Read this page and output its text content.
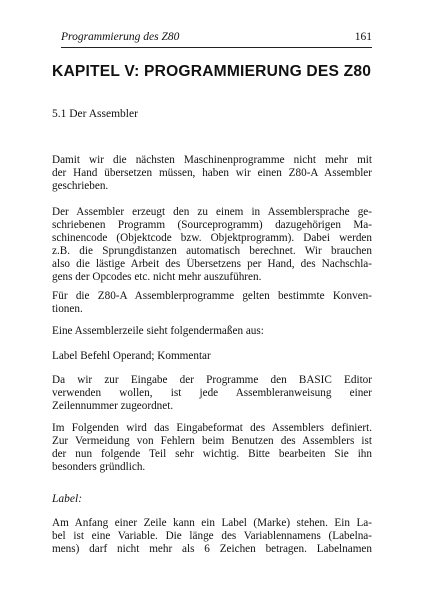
Programmierung des Z80	161
KAPITEL V: PROGRAMMIERUNG DES Z80
5.1 Der Assembler
Damit wir die nächsten Maschinenprogramme nicht mehr mit
der Hand übersetzen müssen, haben wir einen Z80-A Assembler
geschrieben.
Der Assembler erzeugt den zu einem in Assemblersprache ge-
schriebenen Programm (Sourceprogramm) dazugehörigen Ma-
schinencode (Objektcode bzw. Objektprogramm). Dabei werden
z.B. die Sprungdistanzen automatisch berechnet. Wir brauchen
also die lästige Arbeit des Übersetzens per Hand, des Nachschla-
gens der Opcodes etc. nicht mehr auszuführen.
Für die Z80-A Assemblerprogramme gelten bestimmte Konven-
tionen.
Eine Assemblerzeile sieht folgendermaßen aus:
Label Befehl Operand; Kommentar
Da wir zur Eingabe der Programme den BASIC Editor
verwenden wollen, ist jede Assembleranweisung einer
Zeilennummer zugeordnet.
Im Folgenden wird das Eingabeformat des Assemblers definiert.
Zur Vermeidung von Fehlern beim Benutzen des Assemblers ist
der nun folgende Teil sehr wichtig. Bitte bearbeiten Sie ihn
besonders gründlich.
Label:
Am Anfang einer Zeile kann ein Label (Marke) stehen. Ein La-
bel ist eine Variable. Die länge des Variablennamens (Labelna-
mens) darf nicht mehr als 6 Zeichen betragen. Labelnamen
